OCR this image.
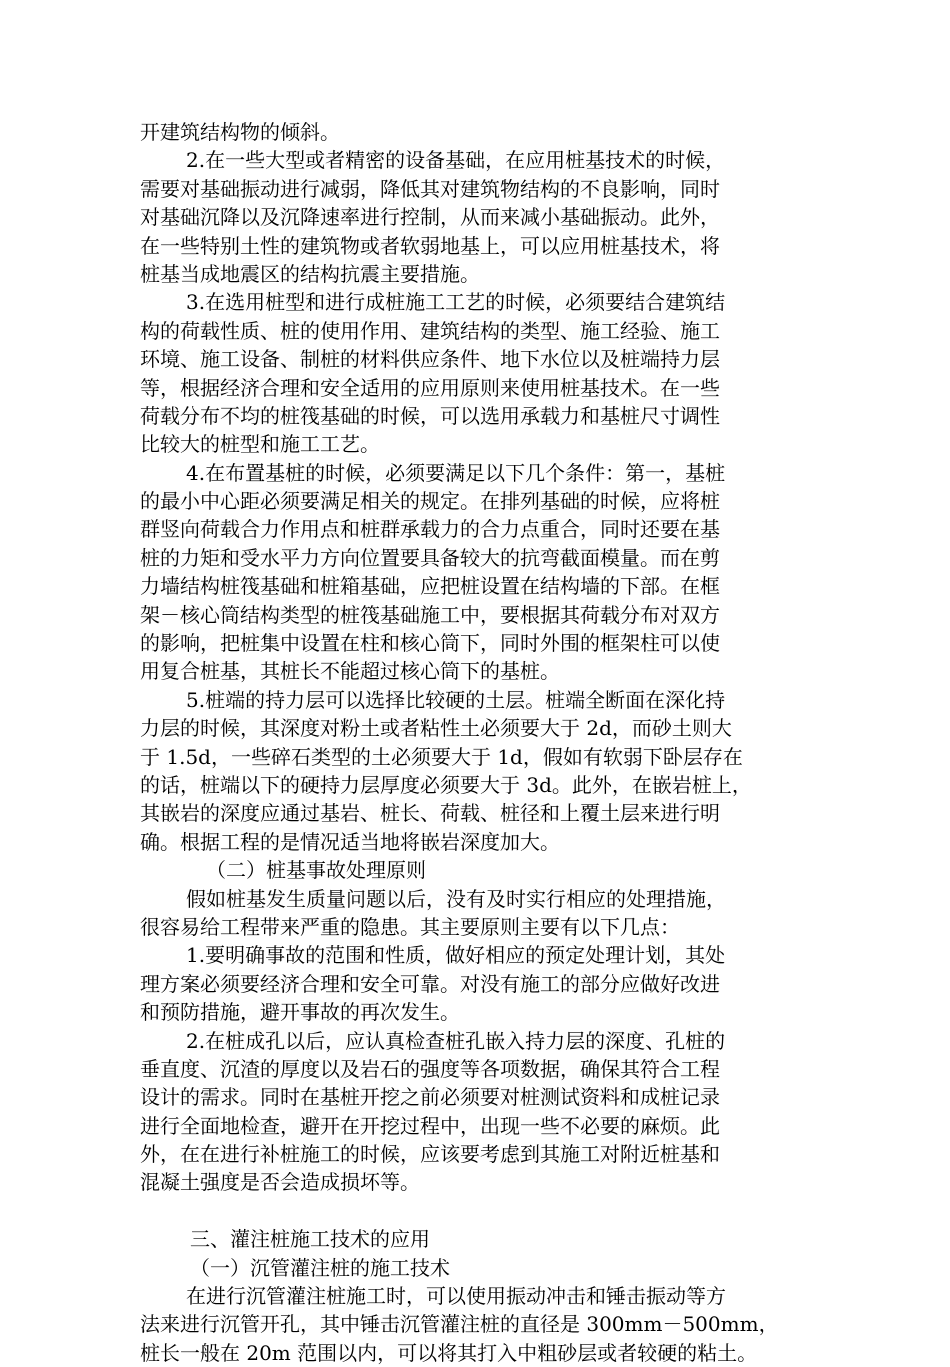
开建筑结构物的倾斜。
2.在一些大型或者精密的设备基础，在应用桩基技术的时候，
需要对基础振动进行减弱，降低其对建筑物结构的不良影响，同时
对基础沉降以及沉降速率进行控制，从而来减小基础振动。此外，
在一些特别土性的建筑物或者软弱地基上，可以应用桩基技术，将
桩基当成地震区的结构抗震主要措施。
3.在选用桩型和进行成桩施工工艺的时候，必须要结合建筑结
构的荷载性质、桩的使用作用、建筑结构的类型、施工经验、施工
环境、施工设备、制桩的材料供应条件、地下水位以及桩端持力层
等，根据经济合理和安全适用的应用原则来使用桩基技术。在一些
荷载分布不均的桩筏基础的时候，可以选用承载力和基桩尺寸调性
比较大的桩型和施工工艺。
4.在布置基桩的时候，必须要满足以下几个条件：第一，基桩
的最小中心距必须要满足相关的规定。在排列基础的时候，应将桩
群竖向荷载合力作用点和桩群承载力的合力点重合，同时还要在基
桩的力矩和受水平力方向位置要具备较大的抗弯截面模量。而在剪
力墙结构桩筏基础和桩箱基础，应把桩设置在结构墙的下部。在框
架－核心筒结构类型的桩筏基础施工中，要根据其荷载分布对双方
的影响，把桩集中设置在柱和核心筒下，同时外围的框架柱可以使
用复合桩基，其桩长不能超过核心筒下的基桩。
5.桩端的持力层可以选择比较硬的土层。桩端全断面在深化持
力层的时候，其深度对粉土或者粘性土必须要大于 2d，而砂土则大
于 1.5d，一些碎石类型的土必须要大于 1d，假如有软弱下卧层存在
的话，桩端以下的硬持力层厚度必须要大于 3d。此外，在嵌岩桩上，
其嵌岩的深度应通过基岩、桩长、荷载、桩径和上覆土层来进行明
确。根据工程的是情况适当地将嵌岩深度加大。
（二）桩基事故处理原则
假如桩基发生质量问题以后，没有及时实行相应的处理措施，
很容易给工程带来严重的隐患。其主要原则主要有以下几点：
1.要明确事故的范围和性质，做好相应的预定处理计划，其处
理方案必须要经济合理和安全可靠。对没有施工的部分应做好改进
和预防措施，避开事故的再次发生。
2.在桩成孔以后，应认真检查桩孔嵌入持力层的深度、孔桩的
垂直度、沉渣的厚度以及岩石的强度等各项数据，确保其符合工程
设计的需求。同时在基桩开挖之前必须要对桩测试资料和成桩记录
进行全面地检查，避开在开挖过程中，出现一些不必要的麻烦。此
外，在在进行补桩施工的时候，应该要考虑到其施工对附近桩基和
混凝土强度是否会造成损坏等。
三、灌注桩施工技术的应用
（一）沉管灌注桩的施工技术
在进行沉管灌注桩施工时，可以使用振动冲击和锤击振动等方
法来进行沉管开孔，其中锤击沉管灌注桩的直径是 300mm－500mm，
桩长一般在 20m 范围以内，可以将其打入中粗砂层或者较硬的粘土。
